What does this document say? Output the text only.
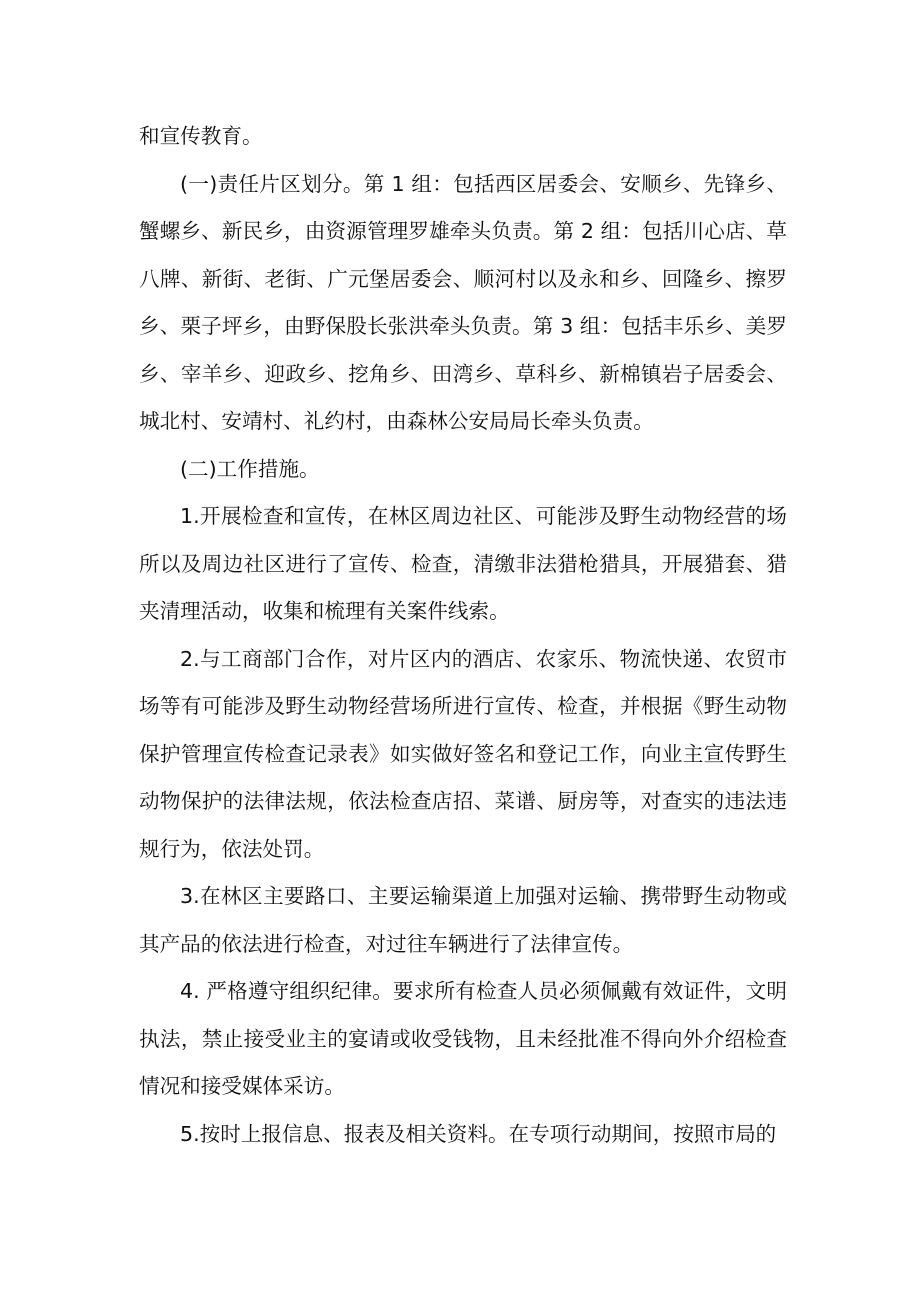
和宣传教育。

(一)责任片区划分。第 1 组：包括西区居委会、安顺乡、先锋乡、蟹螺乡、新民乡，由资源管理罗雄牵头负责。第 2 组：包括川心店、草八牌、新街、老街、广元堡居委会、顺河村以及永和乡、回隆乡、擦罗乡、栗子坪乡，由野保股长张洪牵头负责。第 3 组：包括丰乐乡、美罗乡、宰羊乡、迎政乡、挖角乡、田湾乡、草科乡、新棉镇岩子居委会、城北村、安靖村、礼约村，由森林公安局局长牵头负责。

(二)工作措施。

1.开展检查和宣传，在林区周边社区、可能涉及野生动物经营的场所以及周边社区进行了宣传、检查，清缴非法猎枪猎具，开展猎套、猎夹清理活动，收集和梳理有关案件线索。

2.与工商部门合作，对片区内的酒店、农家乐、物流快递、农贸市场等有可能涉及野生动物经营场所进行宣传、检查，并根据《野生动物保护管理宣传检查记录表》如实做好签名和登记工作，向业主宣传野生动物保护的法律法规，依法检查店招、菜谱、厨房等，对查实的违法违规行为，依法处罚。

3.在林区主要路口、主要运输渠道上加强对运输、携带野生动物或其产品的依法进行检查，对过往车辆进行了法律宣传。

4. 严格遵守组织纪律。要求所有检查人员必须佩戴有效证件，文明执法，禁止接受业主的宴请或收受钱物，且未经批准不得向外介绍检查情况和接受媒体采访。

5.按时上报信息、报表及相关资料。在专项行动期间，按照市局的
